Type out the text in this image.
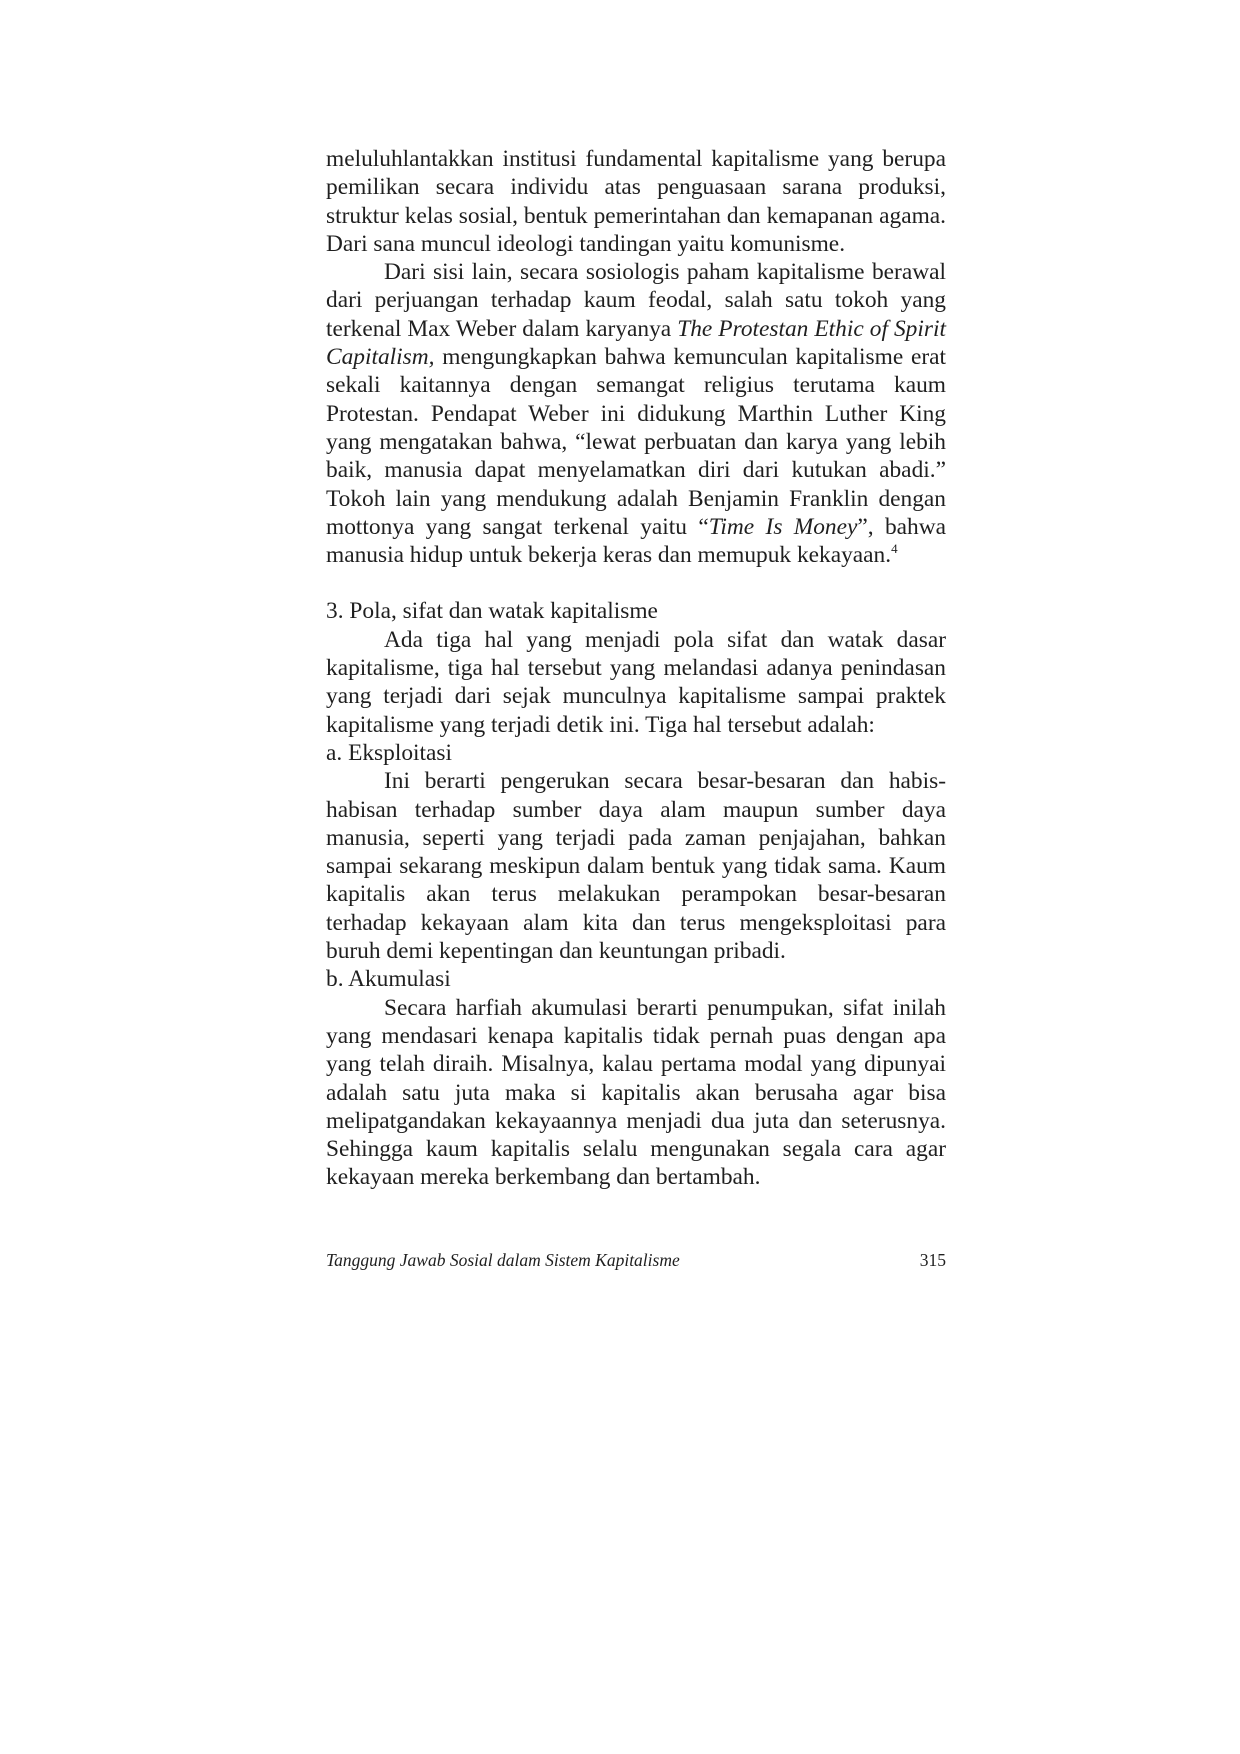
meluluhlantakkan institusi fundamental kapitalisme yang berupa pemilikan secara individu atas penguasaan sarana produksi, struktur kelas sosial, bentuk pemerintahan dan kemapanan agama. Dari sana muncul ideologi tandingan yaitu komunisme.

Dari sisi lain, secara sosiologis paham kapitalisme berawal dari perjuangan terhadap kaum feodal, salah satu tokoh yang terkenal Max Weber dalam karyanya The Protestan Ethic of Spirit Capitalism, mengungkapkan bahwa kemunculan kapitalisme erat sekali kaitannya dengan semangat religius terutama kaum Protestan. Pendapat Weber ini didukung Marthin Luther King yang mengatakan bahwa, “lewat perbuatan dan karya yang lebih baik, manusia dapat menyelamatkan diri dari kutukan abadi.” Tokoh lain yang mendukung adalah Benjamin Franklin dengan mottonya yang sangat terkenal yaitu “Time Is Money”, bahwa manusia hidup untuk bekerja keras dan memupuk kekayaan.$^4$

3. Pola, sifat dan watak kapitalisme

Ada tiga hal yang menjadi pola sifat dan watak dasar kapitalisme, tiga hal tersebut yang melandasi adanya penindasan yang terjadi dari sejak munculnya kapitalisme sampai praktek kapitalisme yang terjadi detik ini. Tiga hal tersebut adalah:

a. Eksploitasi

Ini berarti pengerukan secara besar-besaran dan habis-habisan terhadap sumber daya alam maupun sumber daya manusia, seperti yang terjadi pada zaman penjajahan, bahkan sampai sekarang meskipun dalam bentuk yang tidak sama. Kaum kapitalis akan terus melakukan perampokan besar-besaran terhadap kekayaan alam kita dan terus mengeksploitasi para buruh demi kepentingan dan keuntungan pribadi.

b. Akumulasi

Secara harfiah akumulasi berarti penumpukan, sifat inilah yang mendasari kenapa kapitalis tidak pernah puas dengan apa yang telah diraih. Misalnya, kalau pertama modal yang dipunyai adalah satu juta maka si kapitalis akan berusaha agar bisa melipatgandakan kekayaannya menjadi dua juta dan seterusnya. Sehingga kaum kapitalis selalu mengunakan segala cara agar kekayaan mereka berkembang dan bertambah.

Tanggung Jawab Sosial dalam Sistem Kapitalisme	315
